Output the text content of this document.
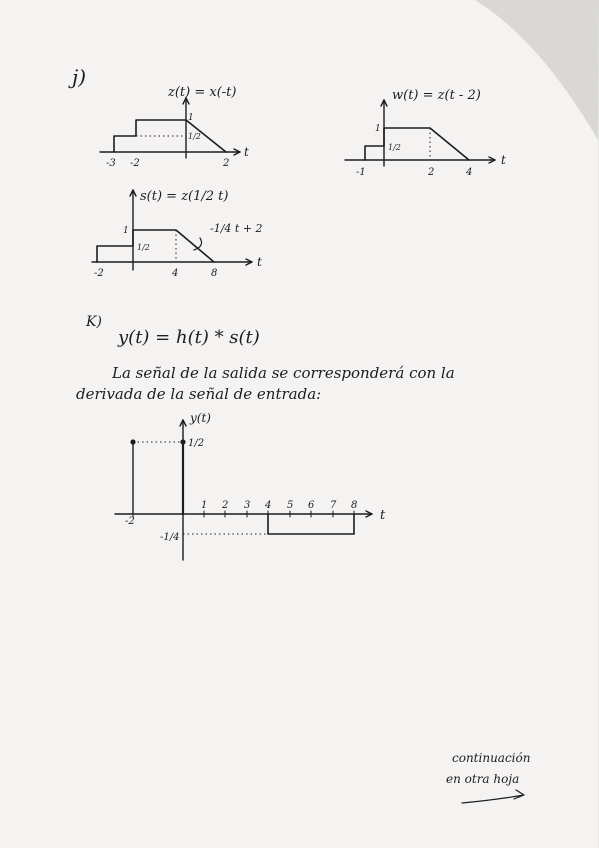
j)
z(t) = x(-t)
1
1/2
-3 -2	2
t
w(t) = z(t - 2)
1
1/2
-1	2	4
t
s(t) = z(1/2 t)
1
1/2
-1/4 t + 2
-2	4	8
t
K)
y(t) = h(t) * s(t)
La señal de la salida se corresponderá con la
derivada de la señal de entrada:
y(t)
1/2
-1/4
-2
1 2 3 4 5 6 7 8
t
continuación
en otra hoja
